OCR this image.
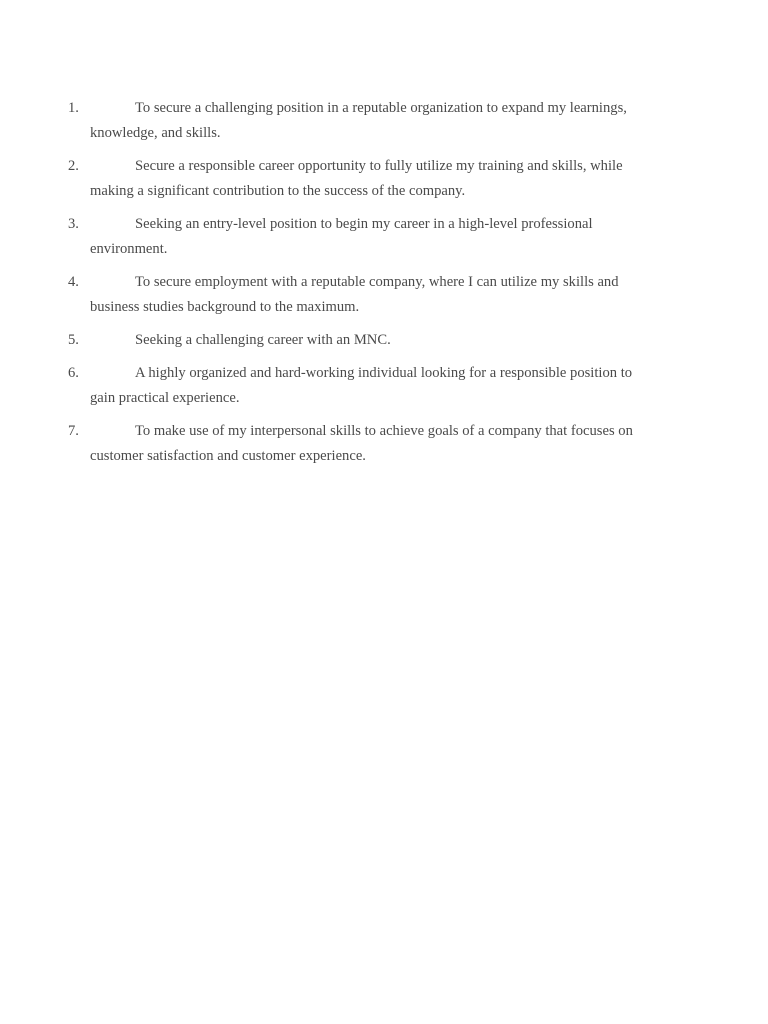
1.	To secure a challenging position in a reputable organization to expand my learnings, knowledge, and skills.
2.	Secure a responsible career opportunity to fully utilize my training and skills, while making a significant contribution to the success of the company.
3.	Seeking an entry-level position to begin my career in a high-level professional environment.
4.	To secure employment with a reputable company, where I can utilize my skills and business studies background to the maximum.
5.	Seeking a challenging career with an MNC.
6.	A highly organized and hard-working individual looking for a responsible position to gain practical experience.
7.	To make use of my interpersonal skills to achieve goals of a company that focuses on customer satisfaction and customer experience.
